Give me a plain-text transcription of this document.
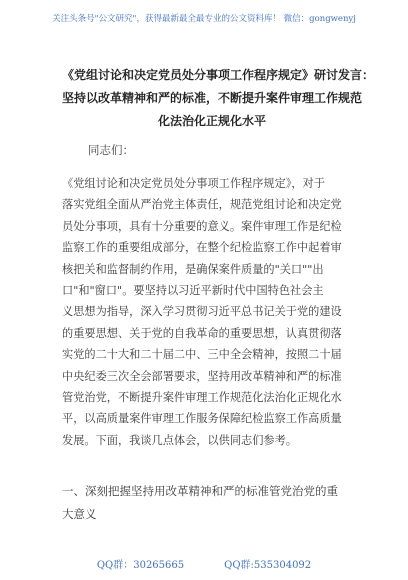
关注头条号"公文研究"，获得最新最全最专业的公文资料库！ 微信：gongwenyj
《党组讨论和决定党员处分事项工作程序规定》研讨发言：
坚持以改革精神和严的标准，不断提升案件审理工作规范
化法治化正规化水平
同志们：
《党组讨论和决定党员处分事项工作程序规定》，对于
落实党组全面从严治党主体责任，规范党组讨论和决定党
员处分事项，具有十分重要的意义。案件审理工作是纪检
监察工作的重要组成部分，在整个纪检监察工作中起着审
核把关和监督制约作用，是确保案件质量的"关口""出
口"和"窗口"。要坚持以习近平新时代中国特色社会主
义思想为指导，深入学习贯彻习近平总书记关于党的建设
的重要思想、关于党的自我革命的重要思想，认真贯彻落
实党的二十大和二十届二中、三中全会精神，按照二十届
中央纪委三次全会部署要求，坚持用改革精神和严的标准
管党治党，不断提升案件审理工作规范化法治化正规化水
平，以高质量案件审理工作服务保障纪检监察工作高质量
发展。下面，我谈几点体会，以供同志们参考。
一、深刻把握坚持用改革精神和严的标准管党治党的重
大意义
QQ群：30265665	QQ群:535304092
